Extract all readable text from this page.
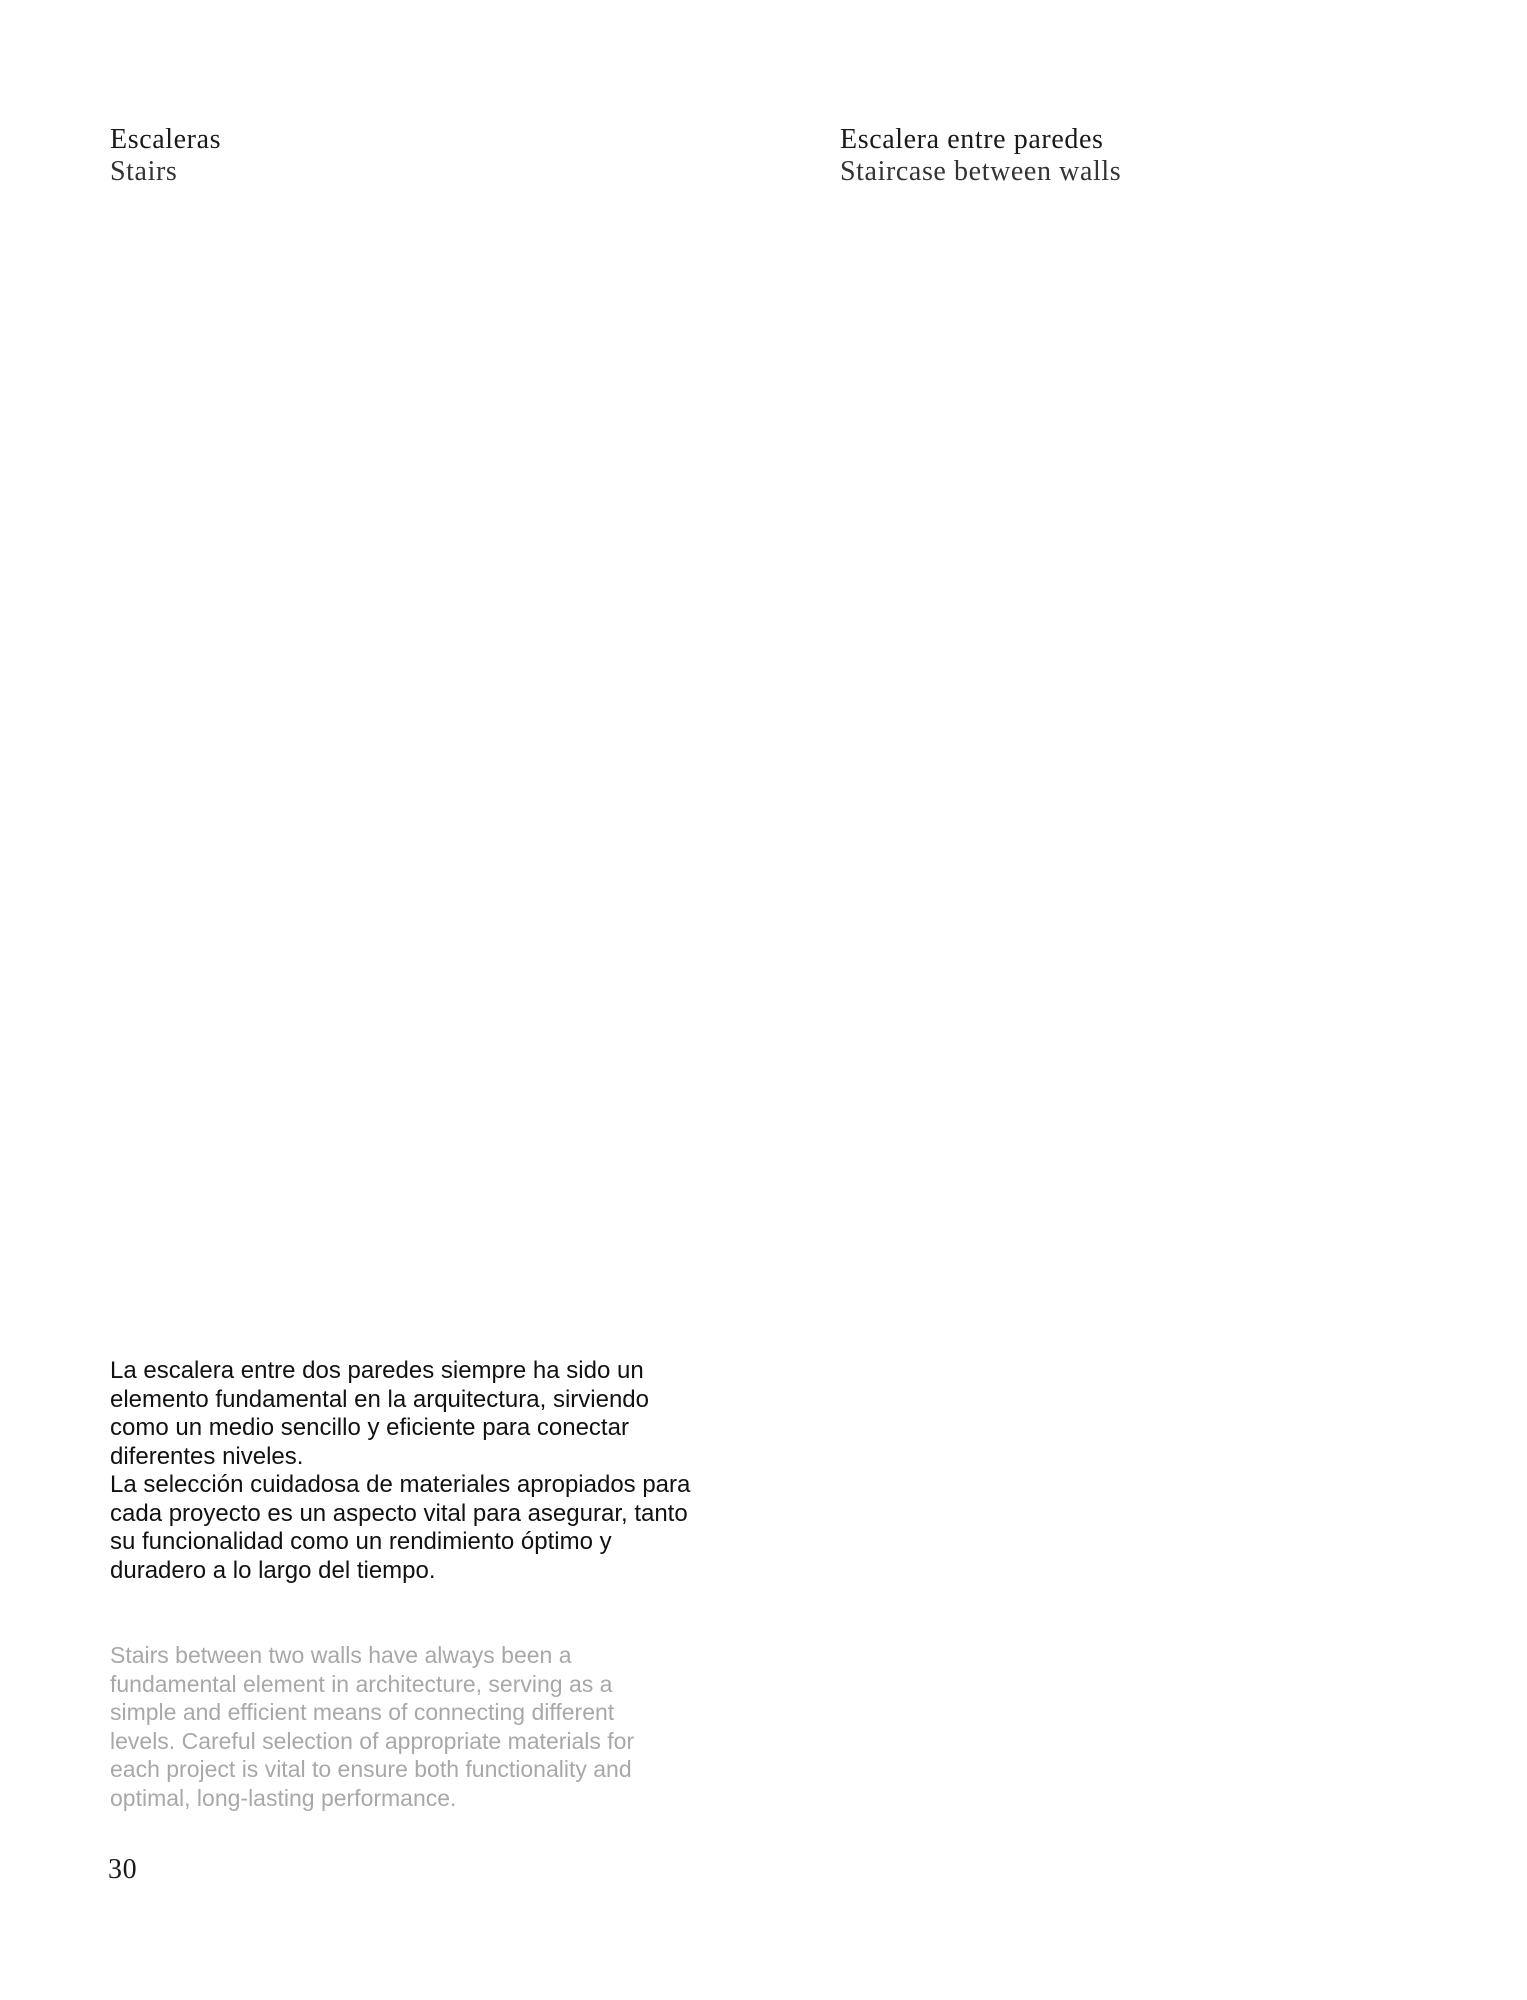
Escaleras
Stairs
Escalera entre paredes
Staircase between walls

La escalera entre dos paredes siempre ha sido un elemento fundamental en la arquitectura, sirviendo como un medio sencillo y eficiente para conectar diferentes niveles.

La selección cuidadosa de materiales apropiados para cada proyecto es un aspecto vital para asegurar, tanto su funcionalidad como un rendimiento óptimo y duradero a lo largo del tiempo.

Stairs between two walls have always been a fundamental element in architecture, serving as a simple and efficient means of connecting different levels. Careful selection of appropriate materials for each project is vital to ensure both functionality and optimal, long-lasting performance.

30
